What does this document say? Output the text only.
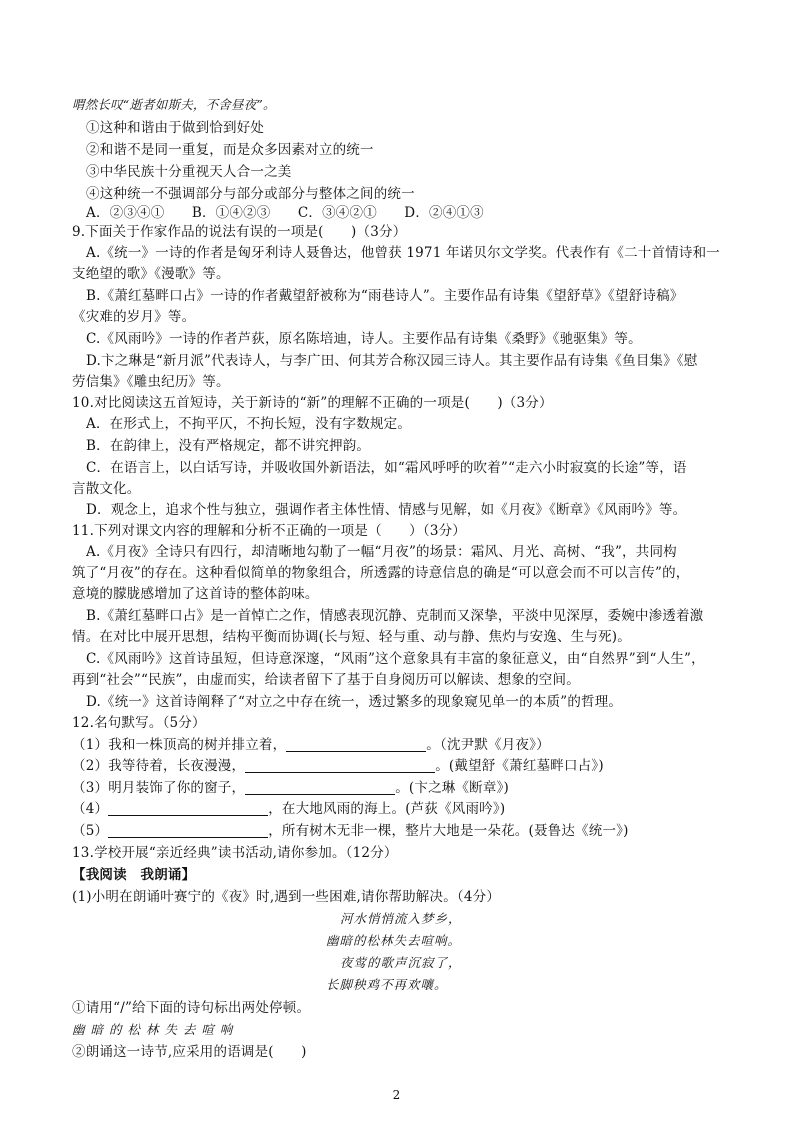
喟然长叹“逝者如斯夫，不舍昼夜”。
①这种和谐由于做到恰到好处
②和谐不是同一重复，而是众多因素对立的统一
③中华民族十分重视天人合一之美
④这种统一不强调部分与部分或部分与整体之间的统一
A．②③④①　　B．①④②③　　C．③④②①　　D．②④①③
9.下面关于作家作品的说法有误的一项是(　　)（3分）
A.《统一》一诗的作者是匈牙利诗人聂鲁达，他曾获 1971 年诺贝尔文学奖。代表作有《二十首情诗和一
支绝望的歌》《漫歌》等。
B.《萧红墓畔口占》一诗的作者戴望舒被称为“雨巷诗人”。主要作品有诗集《望舒草》《望舒诗稿》
《灾难的岁月》等。
C.《风雨吟》一诗的作者芦荻，原名陈培迪，诗人。主要作品有诗集《桑野》《驰驱集》等。
D.卞之琳是“新月派”代表诗人，与李广田、何其芳合称汉园三诗人。其主要作品有诗集《鱼目集》《慰
劳信集》《雕虫纪历》等。
10.对比阅读这五首短诗，关于新诗的“新”的理解不正确的一项是(　　)（3分）
A．在形式上，不拘平仄，不拘长短，没有字数规定。
B．在韵律上，没有严格规定，都不讲究押韵。
C．在语言上，以白话写诗，并吸收国外新语法，如“霜风呼呼的吹着”“走六小时寂寞的长途”等，语
言散文化。
D．观念上，追求个性与独立，强调作者主体性情、情感与见解，如《月夜》《断章》《风雨吟》等。
11.下列对课文内容的理解和分析不正确的一项是（　　）（3分）
A.《月夜》全诗只有四行，却清晰地勾勒了一幅“月夜”的场景：霜风、月光、高树、“我”，共同构
筑了“月夜”的存在。这种看似简单的物象组合，所透露的诗意信息的确是“可以意会而不可以言传”的，
意境的朦胧感增加了这首诗的整体韵味。
B.《萧红墓畔口占》是一首悼亡之作，情感表现沉静、克制而又深挚，平淡中见深厚，委婉中渗透着激
情。在对比中展开思想，结构平衡而协调(长与短、轻与重、动与静、焦灼与安逸、生与死)。
C.《风雨吟》这首诗虽短，但诗意深邃，“风雨”这个意象具有丰富的象征意义，由“自然界”到“人生”，
再到“社会”“民族”，由虚而实，给读者留下了基于自身阅历可以解读、想象的空间。
D.《统一》这首诗阐释了“对立之中存在统一，透过繁多的现象窥见单一的本质”的哲理。
12.名句默写。（5分）
（1）我和一株顶高的树并排立着，	。（沈尹默《月夜》）
（2）我等待着，长夜漫漫，	。(戴望舒《萧红墓畔口占》)
（3）明月装饰了你的窗子，	。(卞之琳《断章》)
（4）	，在大地风雨的海上。(芦荻《风雨吟》)
（5）	，所有树木无非一棵，整片大地是一朵花。(聂鲁达《统一》)
13.学校开展“亲近经典”读书活动,请你参加。（12分）
【我阅读　我朗诵】
(1)小明在朗诵叶赛宁的《夜》时,遇到一些困难,请你帮助解决。（4分）
河水悄悄流入梦乡，
幽暗的松林失去喧响。
夜莺的歌声沉寂了，
长脚秧鸡不再欢嚷。
①请用“/”给下面的诗句标出两处停顿。
幽 暗 的 松 林 失 去 喧 响
②朗诵这一诗节,应采用的语调是(　　)
2
